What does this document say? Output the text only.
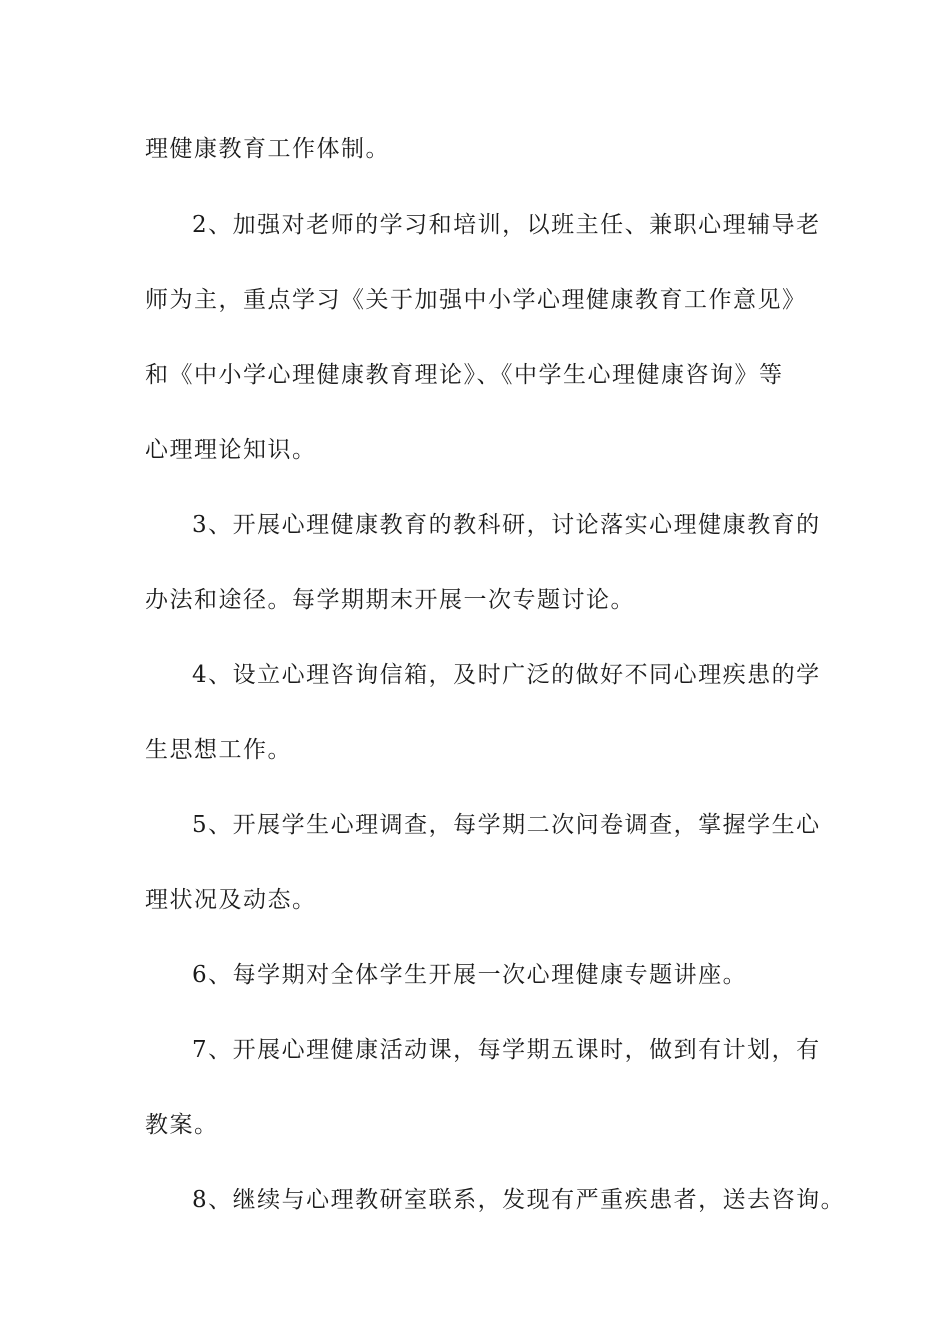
理健康教育工作体制。
2、加强对老师的学习和培训，以班主任、兼职心理辅导老
师为主，重点学习《关于加强中小学心理健康教育工作意见》
和《中小学心理健康教育理论》、《中学生心理健康咨询》等
心理理论知识。
3、开展心理健康教育的教科研，讨论落实心理健康教育的
办法和途径。每学期期末开展一次专题讨论。
4、设立心理咨询信箱，及时广泛的做好不同心理疾患的学
生思想工作。
5、开展学生心理调查，每学期二次问卷调查，掌握学生心
理状况及动态。
6、每学期对全体学生开展一次心理健康专题讲座。
7、开展心理健康活动课，每学期五课时，做到有计划，有
教案。
8、继续与心理教研室联系，发现有严重疾患者，送去咨询。
